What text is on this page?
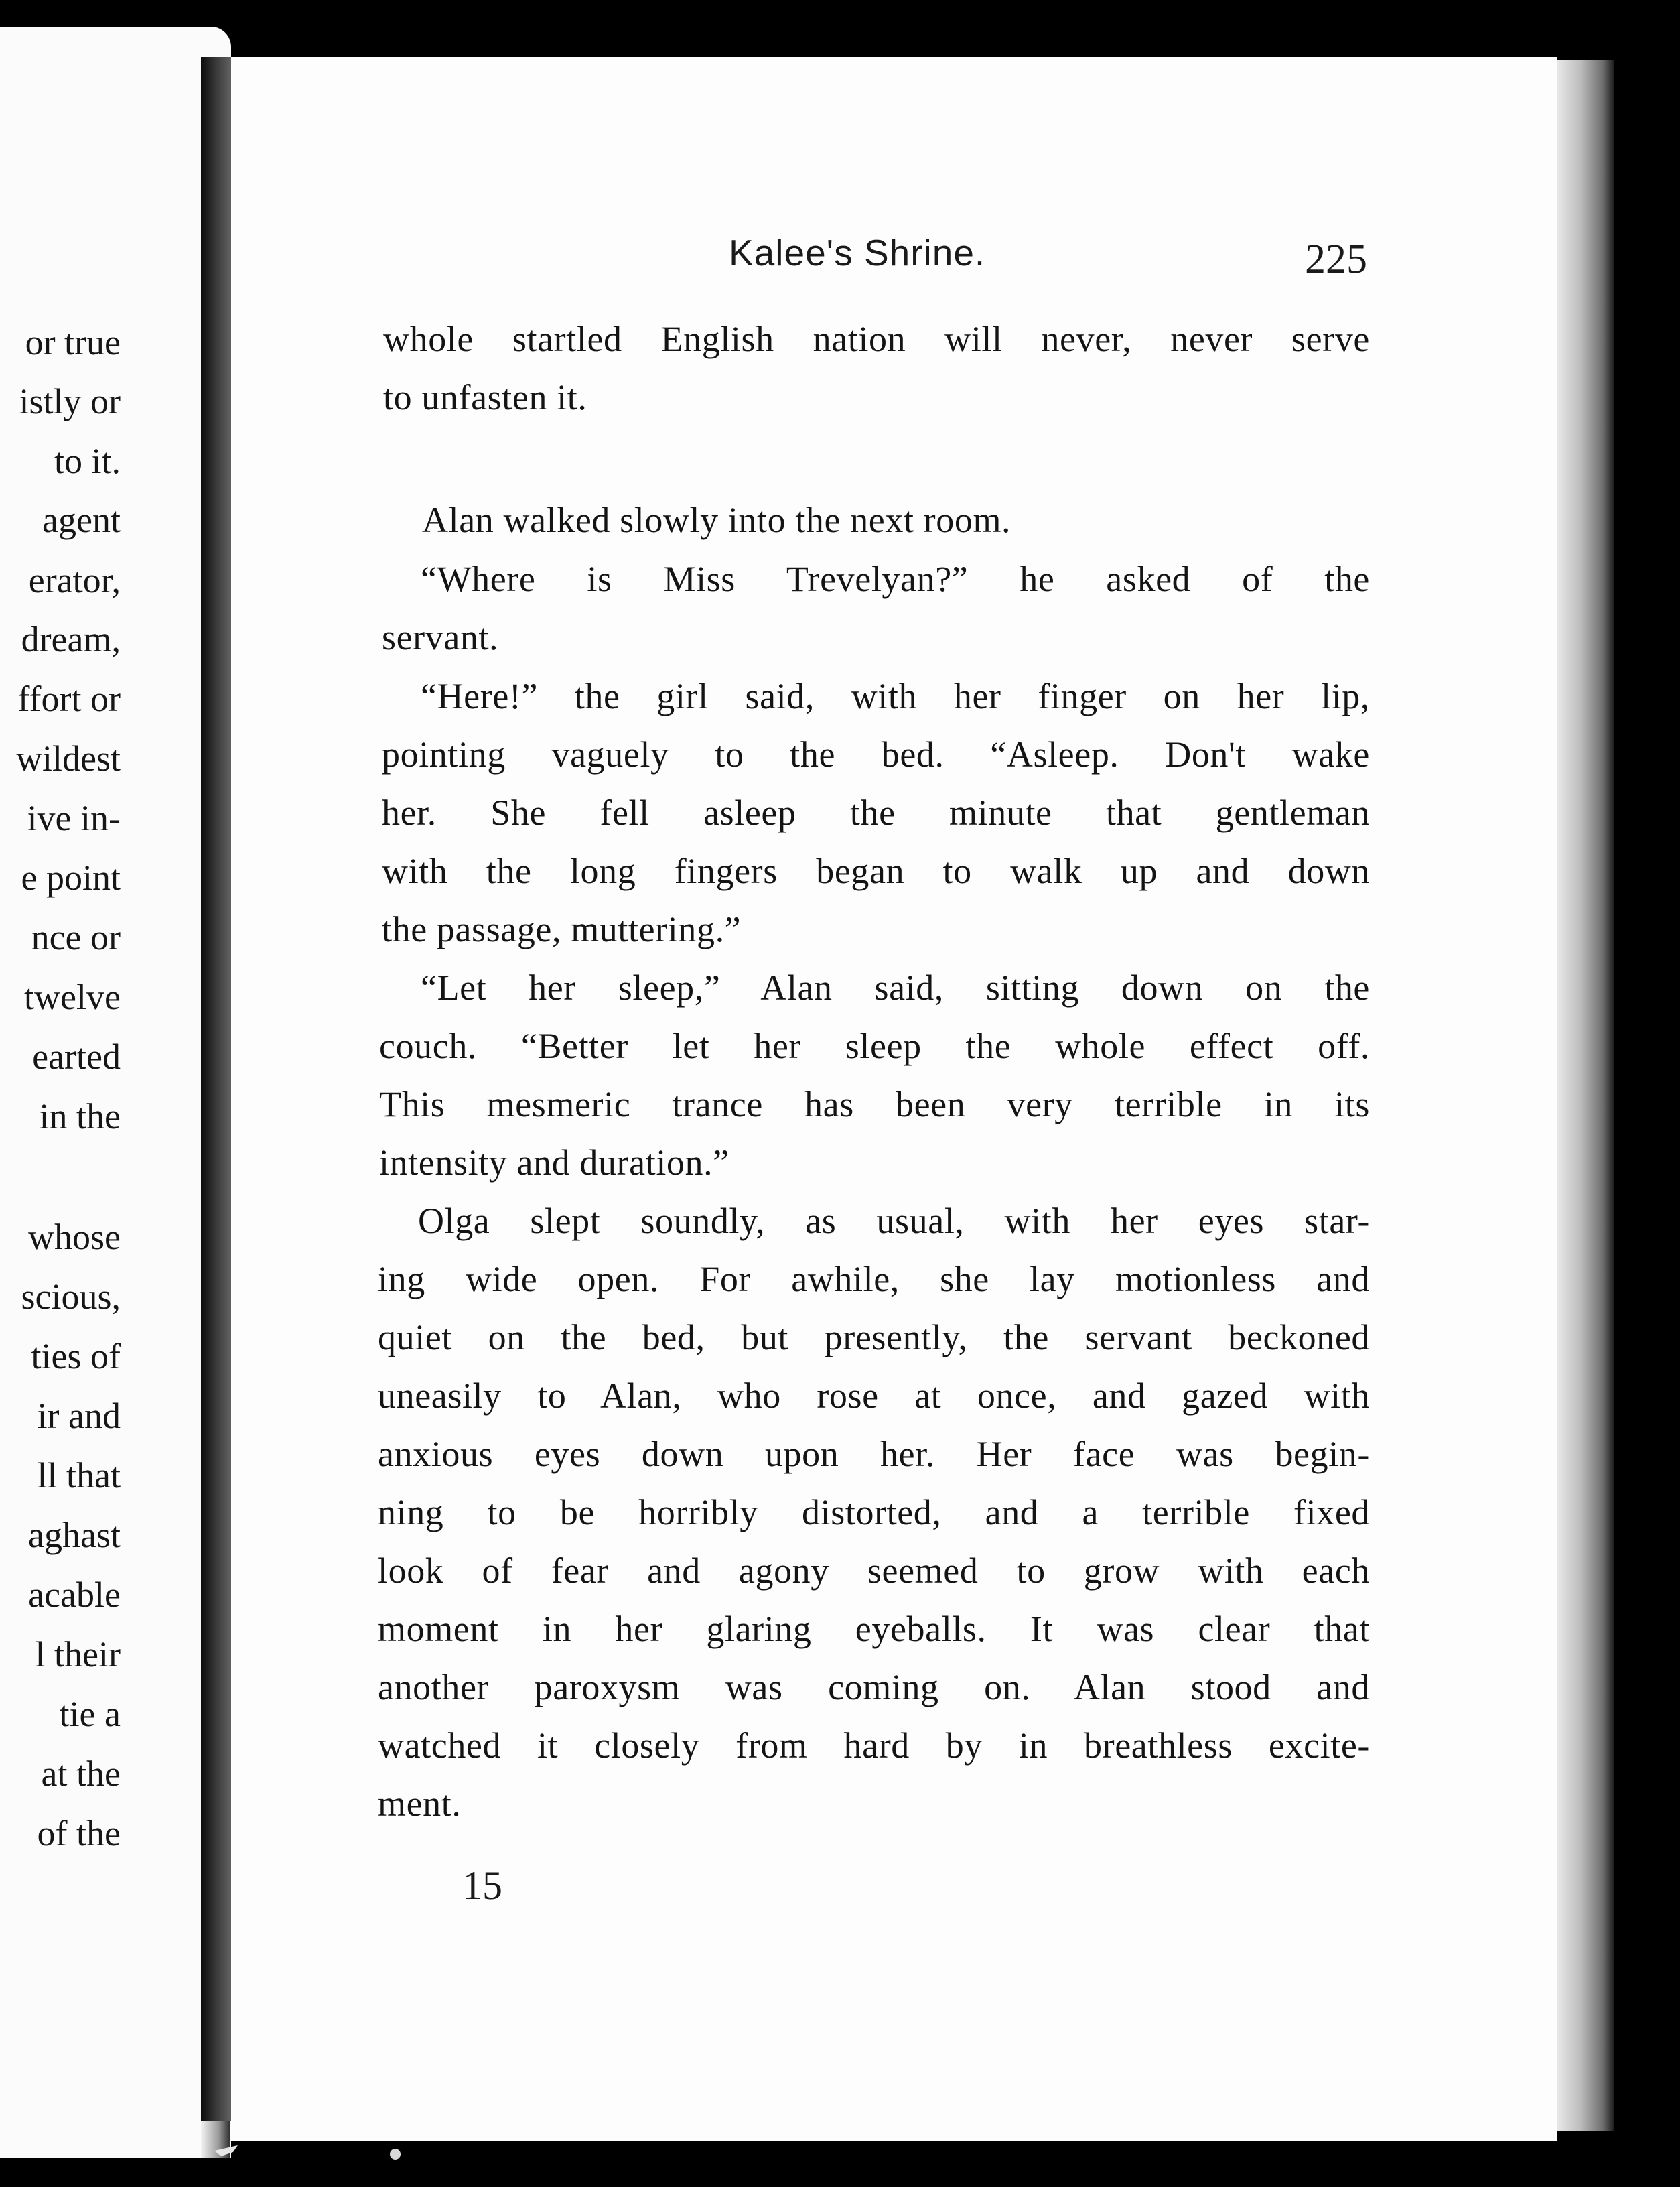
or true
istly or
to it.
agent
erator,
dream,
ffort or
wildest
ive in-
e point
nce or
twelve
earted
in the
whose
scious,
ties of
ir and
ll that
aghast
acable
l their
tie a
at the
of the
Kalee's Shrine.	225
whole startled English nation will never, never serve
to unfasten it.
Alan walked slowly into the next room.
“Where is Miss Trevelyan?” he asked of the
servant.
“Here!” the girl said, with her finger on her lip,
pointing vaguely to the bed. “Asleep. Don't wake
her. She fell asleep the minute that gentleman
with the long fingers began to walk up and down
the passage, muttering.”
“Let her sleep,” Alan said, sitting down on the
couch. “Better let her sleep the whole effect off.
This mesmeric trance has been very terrible in its
intensity and duration.”
Olga slept soundly, as usual, with her eyes star-
ing wide open. For awhile, she lay motionless and
quiet on the bed, but presently, the servant beckoned
uneasily to Alan, who rose at once, and gazed with
anxious eyes down upon her. Her face was begin-
ning to be horribly distorted, and a terrible fixed
look of fear and agony seemed to grow with each
moment in her glaring eyeballs. It was clear that
another paroxysm was coming on. Alan stood and
watched it closely from hard by in breathless excite-
ment.
15
